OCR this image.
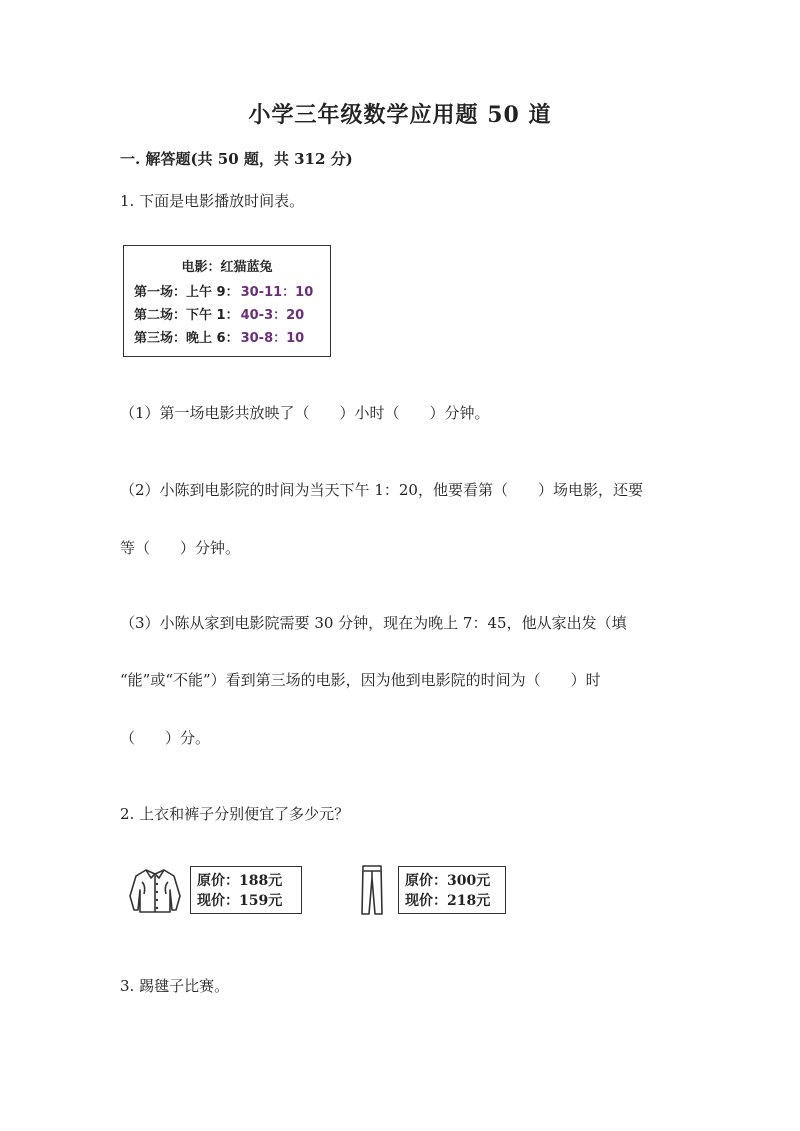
小学三年级数学应用题 50 道
一. 解答题(共 50 题，共 312 分)
1. 下面是电影播放时间表。
电影：红猫蓝兔
第一场：上午 9： 30-11：10
第二场：下午 1： 40-3：20
第三场：晚上 6： 30-8：10
（1）第一场电影共放映了（　　）小时（　　）分钟。
（2）小陈到电影院的时间为当天下午 1：20，他要看第（　　）场电影，还要
等（　　）分钟。
（3）小陈从家到电影院需要 30 分钟，现在为晚上 7：45，他从家出发（填
“能”或“不能”）看到第三场的电影，因为他到电影院的时间为（　　）时
（　　）分。
2. 上衣和裤子分别便宜了多少元？
原价：188元
现价：159元
原价：300元
现价：218元
3. 踢毽子比赛。
